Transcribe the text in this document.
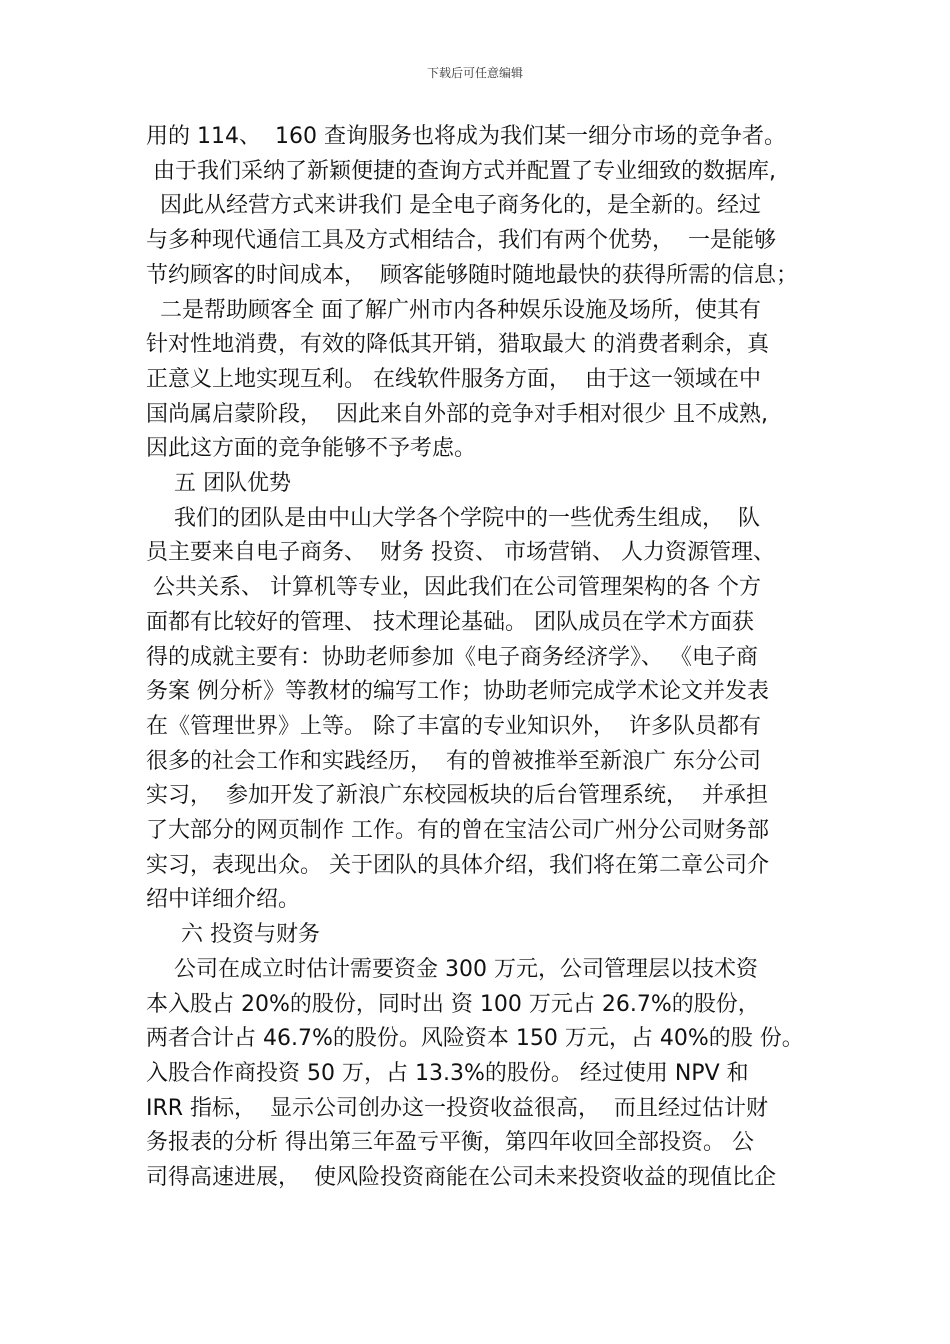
下载后可任意编辑
用的 114、  160 查询服务也将成为我们某一细分市场的竞争者。
由于我们采纳了新颖便捷的查询方式并配置了专业细致的数据库,
因此从经营方式来讲我们 是全电子商务化的，是全新的。经过
与多种现代通信工具及方式相结合，我们有两个优势，  一是能够
节约顾客的时间成本，  顾客能够随时随地最快的获得所需的信息；
二是帮助顾客全 面了解广州市内各种娱乐设施及场所，使其有
针对性地消费，有效的降低其开销，猎取最大 的消费者剩余，真
正意义上地实现互利。 在线软件服务方面，  由于这一领域在中
国尚属启蒙阶段，  因此来自外部的竞争对手相对很少 且不成熟,
因此这方面的竞争能够不予考虑。
五 团队优势
我们的团队是由中山大学各个学院中的一些优秀生组成，  队
员主要来自电子商务、  财务 投资、 市场营销、 人力资源管理、
公共关系、 计算机等专业，因此我们在公司管理架构的各 个方
面都有比较好的管理、 技术理论基础。 团队成员在学术方面获
得的成就主要有：协助老师参加《电子商务经济学》、 《电子商
务案 例分析》等教材的编写工作；协助老师完成学术论文并发表
在《管理世界》上等。 除了丰富的专业知识外，  许多队员都有
很多的社会工作和实践经历，  有的曾被推举至新浪广 东分公司
实习，  参加开发了新浪广东校园板块的后台管理系统，  并承担
了大部分的网页制作 工作。有的曾在宝洁公司广州分公司财务部
实习，表现出众。 关于团队的具体介绍，我们将在第二章公司介
绍中详细介绍。
六 投资与财务
公司在成立时估计需要资金 300 万元，公司管理层以技术资
本入股占 20%的股份，同时出 资 100 万元占 26.7%的股份，
两者合计占 46.7%的股份。风险资本 150 万元，占 40%的股 份。
入股合作商投资 50 万，占 13.3%的股份。 经过使用 NPV 和
IRR 指标，  显示公司创办这一投资收益很高，  而且经过估计财
务报表的分析 得出第三年盈亏平衡，第四年收回全部投资。 公
司得高速进展，  使风险投资商能在公司未来投资收益的现值比企
